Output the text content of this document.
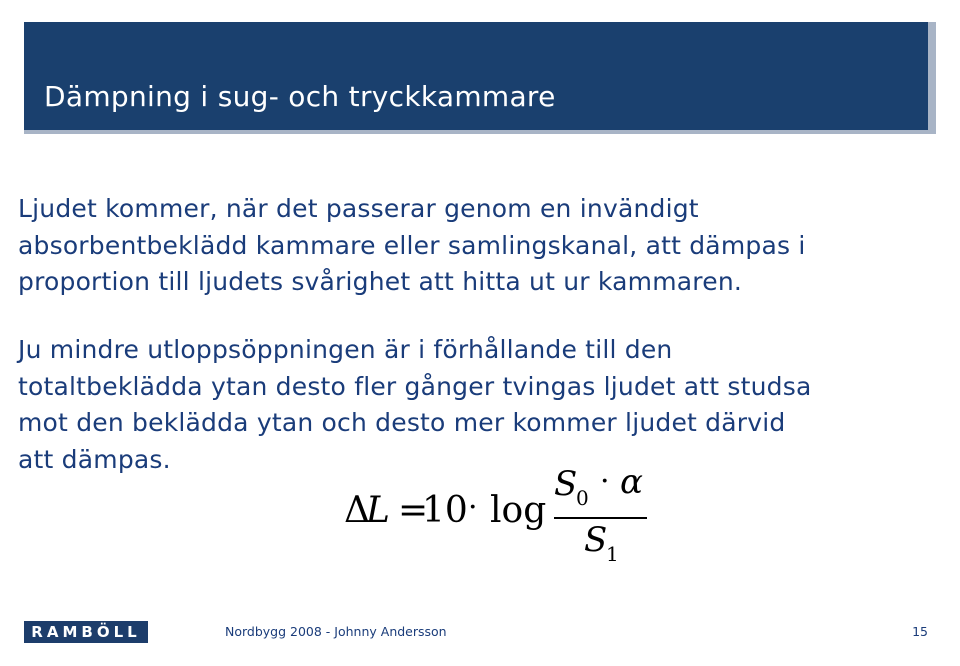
Dämpning i sug- och tryckkammare
Ljudet kommer, när det passerar genom en invändigt
absorbentbeklädd kammare eller samlingskanal, att dämpas i
proportion till ljudets svårighet att hitta ut ur kammaren.
Ju mindre utloppsöppningen är i förhållande till den
totaltbeklädda ytan desto fler gånger tvingas ljudet att studsa
mot den beklädda ytan och desto mer kommer ljudet därvid
att dämpas.
Δ
L =
10 · log
S
0 · α
S
1
RAMBÖLL	Nordbygg 2008 - Johnny Andersson	15
